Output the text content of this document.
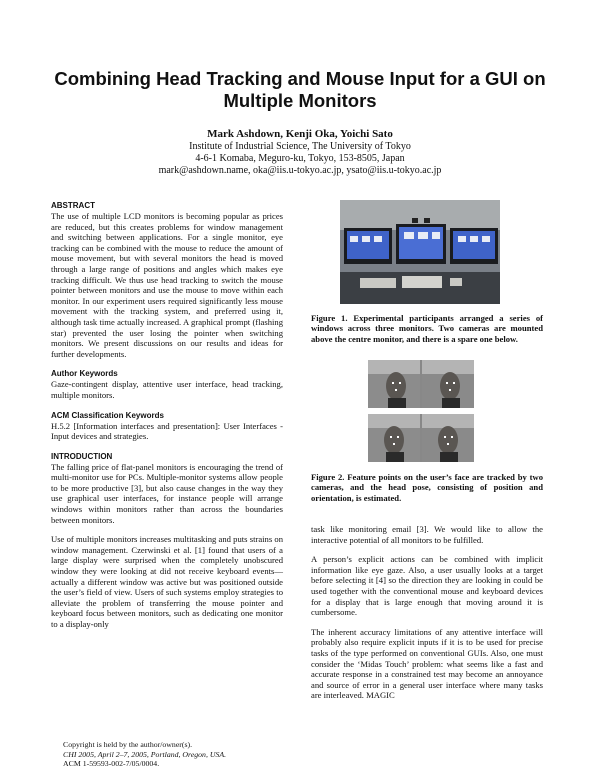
Combining Head Tracking and Mouse Input for a GUI on
Multiple Monitors
Mark Ashdown, Kenji Oka, Yoichi Sato
Institute of Industrial Science, The University of Tokyo
4-6-1 Komaba, Meguro-ku, Tokyo, 153-8505, Japan
mark@ashdown.name, oka@iis.u-tokyo.ac.jp, ysato@iis.u-tokyo.ac.jp

ABSTRACT

The use of multiple LCD monitors is becoming popular as prices are reduced, but this creates problems for window management and switching between applications. For a single monitor, eye tracking can be combined with the mouse to reduce the amount of mouse movement, but with several monitors the head is moved through a large range of positions and angles which makes eye tracking difficult. We thus use head tracking to switch the mouse pointer between monitors and use the mouse to move within each monitor. In our experiment users required significantly less mouse movement with the tracking system, and preferred using it, although task time actually increased. A graphical prompt (flashing star) prevented the user losing the pointer when switching monitors. We present discussions on our results and ideas for further developments.

Author Keywords

Gaze-contingent display, attentive user interface, head tracking, multiple monitors.

ACM Classification Keywords

H.5.2 [Information interfaces and presentation]: User Interfaces - Input devices and strategies.

INTRODUCTION

The falling price of flat-panel monitors is encouraging the trend of multi-monitor use for PCs. Multiple-monitor systems allow people to be more productive [3], but also cause changes in the way they use graphical user interfaces, for instance people will arrange windows within monitors rather than across the boundaries between monitors.

Use of multiple monitors increases multitasking and puts strains on window management. Czerwinski et al. [1] found that users of a large display were surprised when the completely unobscured window they were looking at did not receive keyboard events—actually a different window was active but was positioned outside the user’s field of view. Users of such systems employ strategies to alleviate the problem of transferring the mouse pointer and keyboard focus between monitors, such as dedicating one monitor to a display-only

Copyright is held by the author/owner(s).
CHI 2005, April 2–7, 2005, Portland, Oregon, USA.
ACM 1-59593-002-7/05/0004.

Figure 1. Experimental participants arranged a series of windows across three monitors. Two cameras are mounted above the centre monitor, and there is a spare one below.

Figure 2. Feature points on the user’s face are tracked by two cameras, and the head pose, consisting of position and orientation, is estimated.

task like monitoring email [3]. We would like to allow the interactive potential of all monitors to be fulfilled.

A person’s explicit actions can be combined with implicit information like eye gaze. Also, a user usually looks at a target before selecting it [4] so the direction they are looking in could be used together with the conventional mouse and keyboard devices for a display that is large enough that moving around it is cumbersome.

The inherent accuracy limitations of any attentive interface will probably also require explicit inputs if it is to be used for precise tasks of the type performed on conventional GUIs. Also, one must consider the ‘Midas Touch’ problem: what seems like a fast and accurate response in a constrained test may become an annoyance and source of error in a general user interface where many tasks are interleaved. MAGIC
